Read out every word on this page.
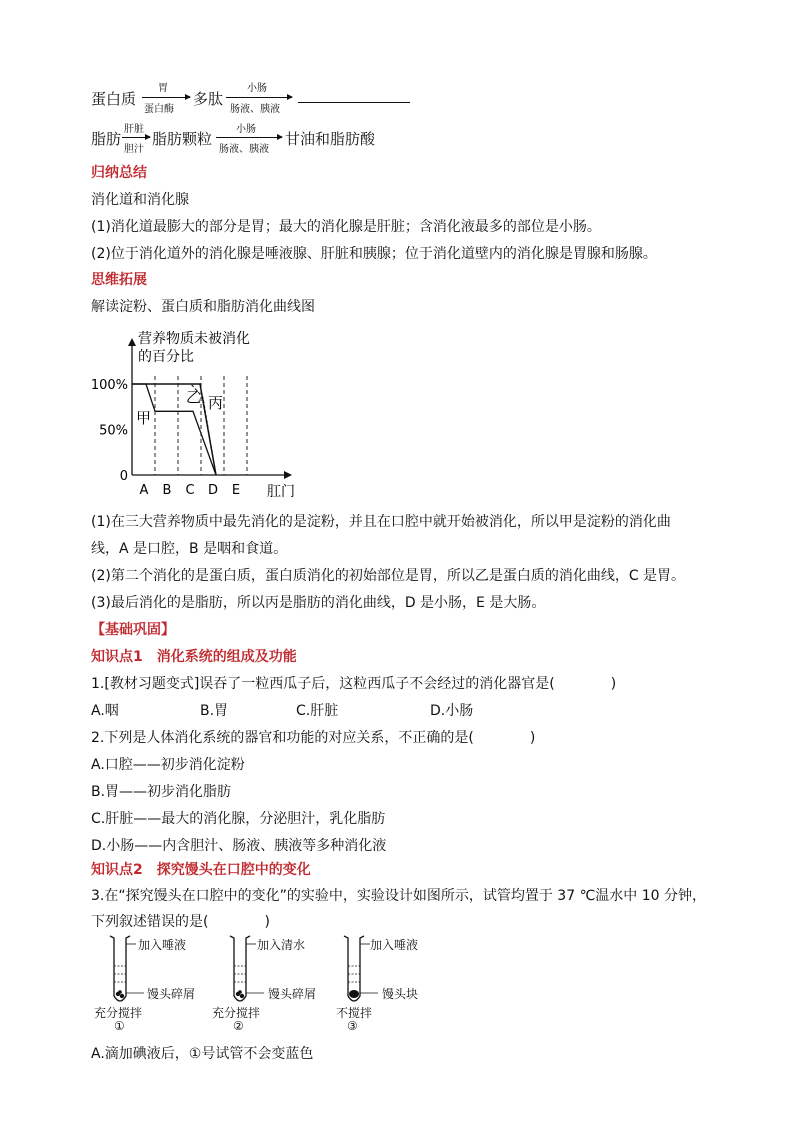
蛋白质
胃
蛋白酶
多肽
小肠
肠液、胰液
脂肪
肝脏
胆汁
脂肪颗粒
小肠
肠液、胰液
甘油和脂肪酸
归纳总结
消化道和消化腺
(1)消化道最膨大的部分是胃；最大的消化腺是肝脏；含消化液最多的部位是小肠。
(2)位于消化道外的消化腺是唾液腺、肝脏和胰腺；位于消化道壁内的消化腺是胃腺和肠腺。
思维拓展
解读淀粉、蛋白质和脂肪消化曲线图
营养物质未被消化
的百分比
100%
50%
0
A B C D E 肛门
甲
乙 丙
(1)在三大营养物质中最先消化的是淀粉，并且在口腔中就开始被消化，所以甲是淀粉的消化曲
线，A 是口腔，B 是咽和食道。
(2)第二个消化的是蛋白质，蛋白质消化的初始部位是胃，所以乙是蛋白质的消化曲线，C 是胃。
(3)最后消化的是脂肪，所以丙是脂肪的消化曲线，D 是小肠，E 是大肠。
【基础巩固】
知识点1　消化系统的组成及功能
1.[教材习题变式]误吞了一粒西瓜子后，这粒西瓜子不会经过的消化器官是(　　　　)
A.咽	B.胃	C.肝脏	D.小肠
2.下列是人体消化系统的器官和功能的对应关系，不正确的是(　　　　)
A.口腔——初步消化淀粉
B.胃——初步消化脂肪
C.肝脏——最大的消化腺，分泌胆汁，乳化脂肪
D.小肠——内含胆汁、肠液、胰液等多种消化液
知识点2　探究馒头在口腔中的变化
3.在“探究馒头在口腔中的变化”的实验中，实验设计如图所示，试管均置于 37 ℃温水中 10 分钟，
下列叙述错误的是(　　　　)
加入唾液
馒头碎屑
充分搅拌
①
加入清水
馒头碎屑
充分搅拌
②
加入唾液
馒头块
不搅拌
③
A.滴加碘液后，①号试管不会变蓝色
